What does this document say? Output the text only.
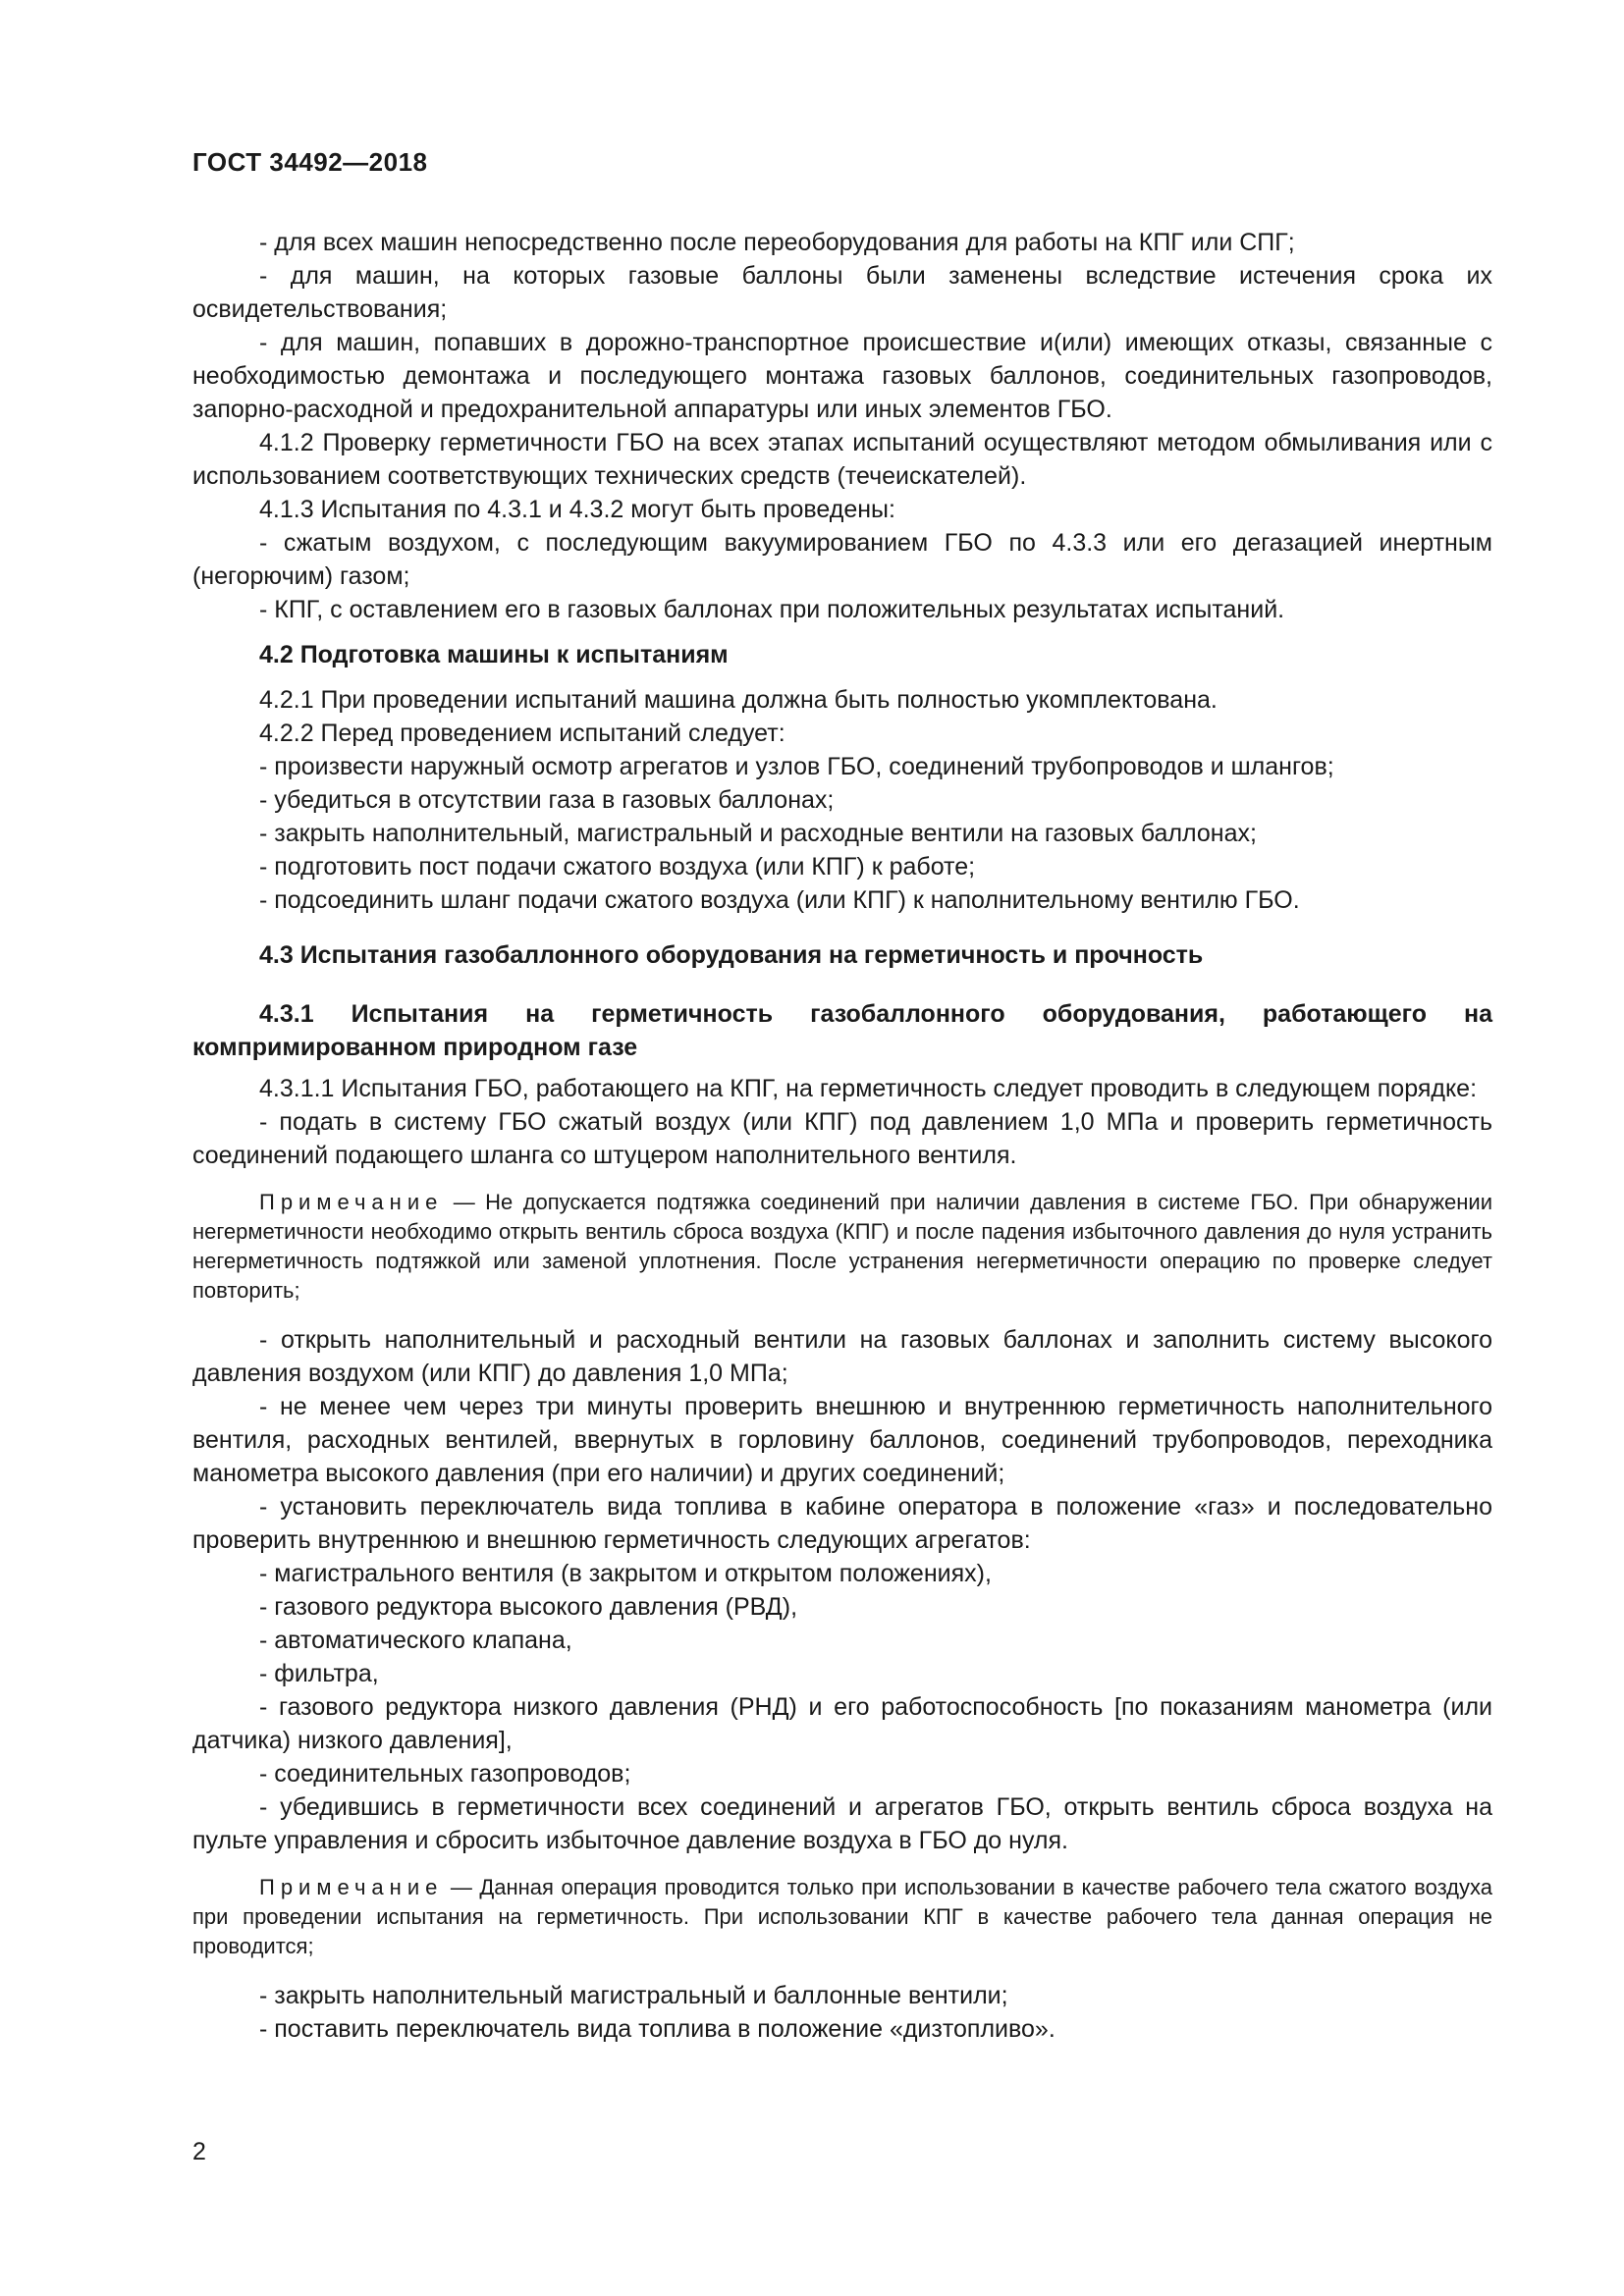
ГОСТ 34492—2018

- для всех машин непосредственно после переоборудования для работы на КПГ или СПГ;

- для машин, на которых газовые баллоны были заменены вследствие истечения срока их освидетельствования;

- для машин, попавших в дорожно-транспортное происшествие и(или) имеющих отказы, связанные с необходимостью демонтажа и последующего монтажа газовых баллонов, соединительных газопроводов, запорно-расходной и предохранительной аппаратуры или иных элементов ГБО.

4.1.2 Проверку герметичности ГБО на всех этапах испытаний осуществляют методом обмыливания или с использованием соответствующих технических средств (течеискателей).

4.1.3 Испытания по 4.3.1 и 4.3.2 могут быть проведены:

- сжатым воздухом, с последующим вакуумированием ГБО по 4.3.3 или его дегазацией инертным (негорючим) газом;

- КПГ, с оставлением его в газовых баллонах при положительных результатах испытаний.

4.2 Подготовка машины к испытаниям

4.2.1 При проведении испытаний машина должна быть полностью укомплектована.

4.2.2 Перед проведением испытаний следует:

- произвести наружный осмотр агрегатов и узлов ГБО, соединений трубопроводов и шлангов;

- убедиться в отсутствии газа в газовых баллонах;

- закрыть наполнительный, магистральный и расходные вентили на газовых баллонах;

- подготовить пост подачи сжатого воздуха (или КПГ) к работе;

- подсоединить шланг подачи сжатого воздуха (или КПГ) к наполнительному вентилю ГБО.

4.3 Испытания газобаллонного оборудования на герметичность и прочность

4.3.1 Испытания на герметичность газобаллонного оборудования, работающего на компримированном природном газе

4.3.1.1 Испытания ГБО, работающего на КПГ, на герметичность следует проводить в следующем порядке:

- подать в систему ГБО сжатый воздух (или КПГ) под давлением 1,0 МПа и проверить герметичность соединений подающего шланга со штуцером наполнительного вентиля.

Примечание — Не допускается подтяжка соединений при наличии давления в системе ГБО. При обнаружении негерметичности необходимо открыть вентиль сброса воздуха (КПГ) и после падения избыточного давления до нуля устранить негерметичность подтяжкой или заменой уплотнения. После устранения негерметичности операцию по проверке следует повторить;

- открыть наполнительный и расходный вентили на газовых баллонах и заполнить систему высокого давления воздухом (или КПГ) до давления 1,0 МПа;

- не менее чем через три минуты проверить внешнюю и внутреннюю герметичность наполнительного вентиля, расходных вентилей, ввернутых в горловину баллонов, соединений трубопроводов, переходника манометра высокого давления (при его наличии) и других соединений;

- установить переключатель вида топлива в кабине оператора в положение «газ» и последовательно проверить внутреннюю и внешнюю герметичность следующих агрегатов:

- магистрального вентиля (в закрытом и открытом положениях),

- газового редуктора высокого давления (РВД),

- автоматического клапана,

- фильтра,

- газового редуктора низкого давления (РНД) и его работоспособность [по показаниям манометра (или датчика) низкого давления],

- соединительных газопроводов;

- убедившись в герметичности всех соединений и агрегатов ГБО, открыть вентиль сброса воздуха на пульте управления и сбросить избыточное давление воздуха в ГБО до нуля.

Примечание — Данная операция проводится только при использовании в качестве рабочего тела сжатого воздуха при проведении испытания на герметичность. При использовании КПГ в качестве рабочего тела данная операция не проводится;

- закрыть наполнительный магистральный и баллонные вентили;

- поставить переключатель вида топлива в положение «дизтопливо».

2
